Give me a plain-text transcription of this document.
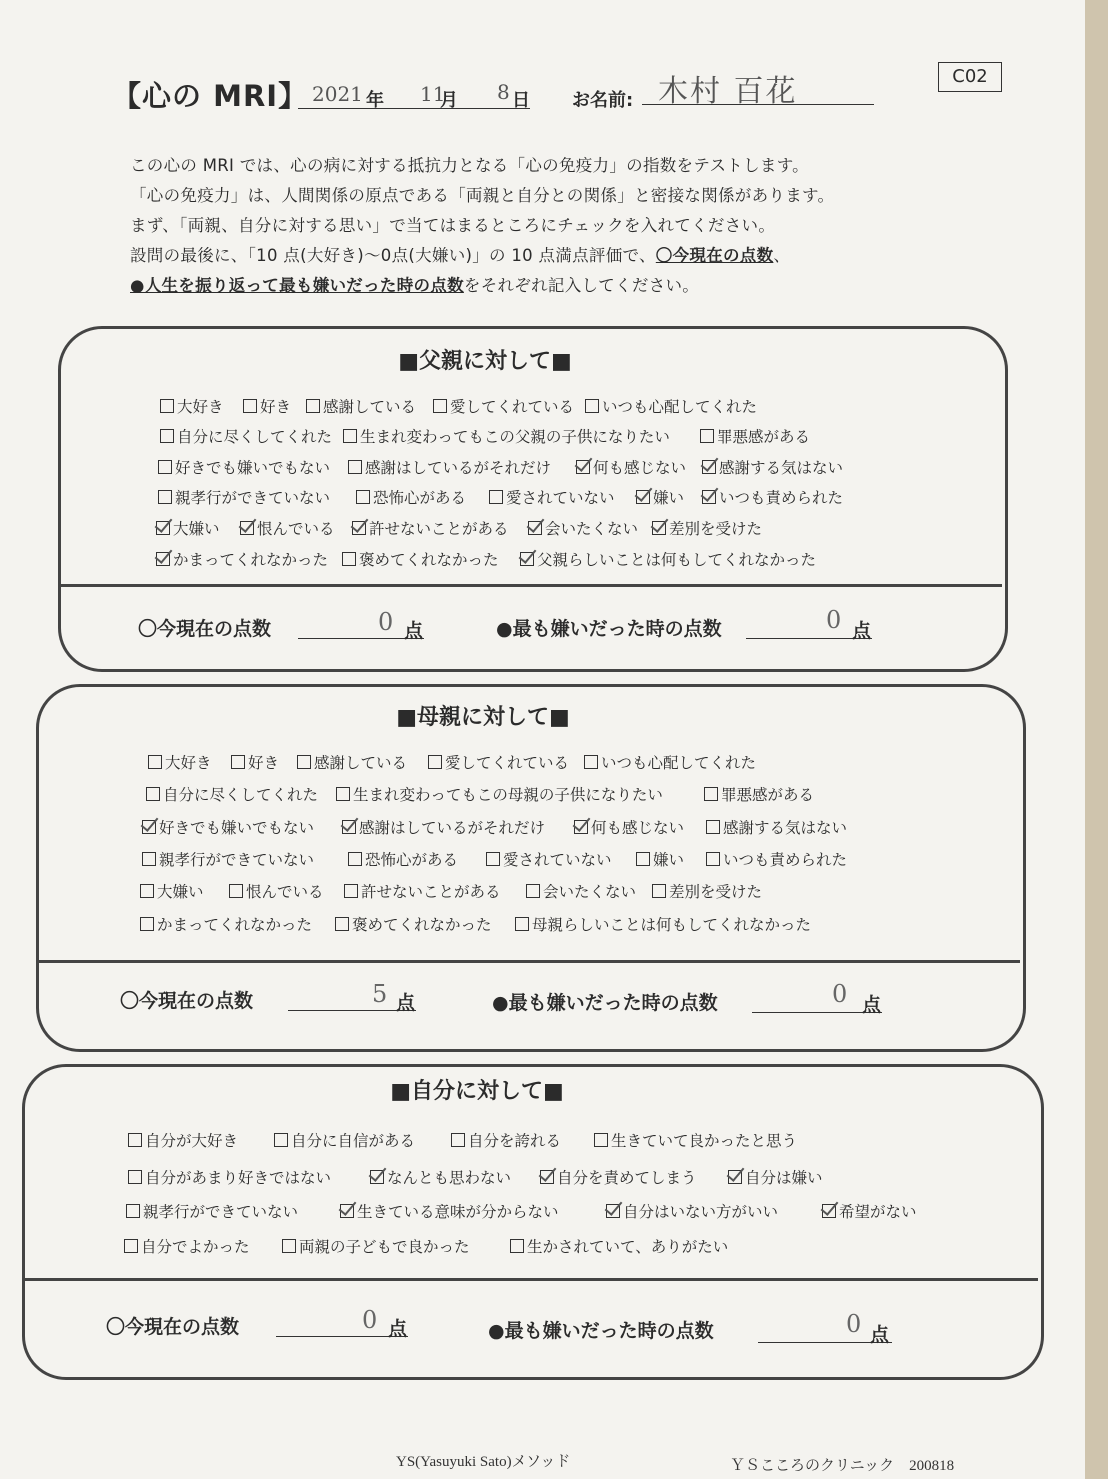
【心の MRI】 2021 年 11
月 8 日 お名前: 木村 百花	C02
この心の MRI では、心の病に対する抵抗力となる「心の免疫力」の指数をテストします。
「心の免疫力」は、人間関係の原点である「両親と自分との関係」と密接な関係があります。
まず、「両親、自分に対する思い」で当てはまるところにチェックを入れてください。
設問の最後に、「10 点(大好き)〜0点(大嫌い)」の 10 点満点評価で、〇今現在の点数、
●人生を振り返って最も嫌いだった時の点数をそれぞれ記入してください。
■父親に対して■
大好き	好き	感謝している	愛してくれている	いつも心配してくれた
自分に尽くしてくれた	生まれ変わってもこの父親の子供になりたい	罪悪感がある
好きでも嫌いでもない	感謝はしているがそれだけ	何も感じない	感謝する気はない
親孝行ができていない	恐怖心がある	愛されていない	嫌い	いつも責められた
大嫌い	恨んでいる	許せないことがある	会いたくない	差別を受けた
かまってくれなかった	褒めてくれなかった	父親らしいことは何もしてくれなかった
〇今現在の点数	0 点	●最も嫌いだった時の点数	0 点
■母親に対して■
大好き	好き	感謝している	愛してくれている	いつも心配してくれた
自分に尽くしてくれた	生まれ変わってもこの母親の子供になりたい	罪悪感がある
好きでも嫌いでもない	感謝はしているがそれだけ	何も感じない	感謝する気はない
親孝行ができていない	恐怖心がある	愛されていない	嫌い	いつも責められた
大嫌い	恨んでいる	許せないことがある	会いたくない	差別を受けた
かまってくれなかった	褒めてくれなかった	母親らしいことは何もしてくれなかった
〇今現在の点数	5 点	●最も嫌いだった時の点数	0 点
■自分に対して■
自分が大好き	自分に自信がある	自分を誇れる	生きていて良かったと思う
自分があまり好きではない	なんとも思わない	自分を責めてしまう	自分は嫌い
親孝行ができていない	生きている意味が分からない	自分はいない方がいい	希望がない
自分でよかった	両親の子どもで良かった	生かされていて、ありがたい
〇今現在の点数	0 点	●最も嫌いだった時の点数	0 点
YS(Yasuyuki Sato)メソッド	ＹＳこころのクリニック　200818
